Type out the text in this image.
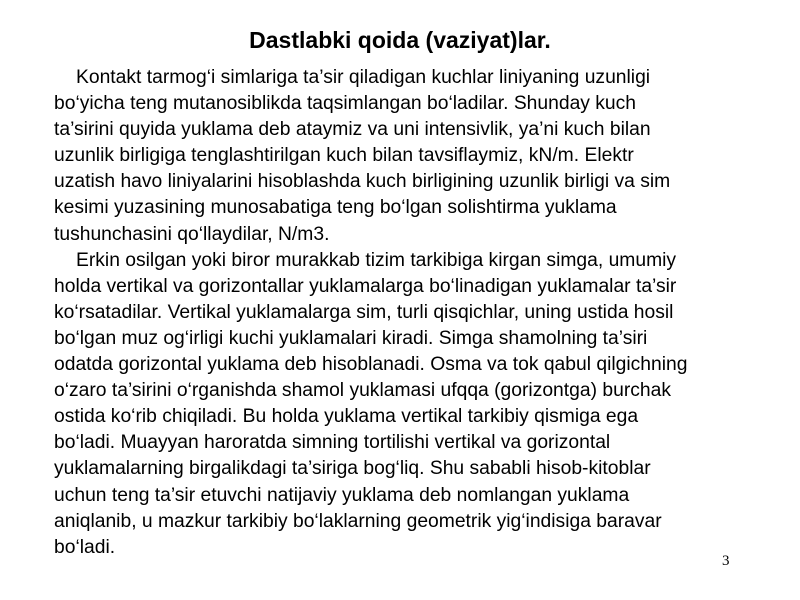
Dastlabki qoida (vaziyat)lar.

Kontakt tarmog‘i simlariga ta’sir qiladigan kuchlar liniyaning uzunligi
bo‘yicha teng mutanosiblikda taqsimlangan bo‘ladilar. Shunday kuch
ta’sirini quyida yuklama deb ataymiz va uni intensivlik, ya’ni kuch bilan
uzunlik birligiga tenglashtirilgan kuch bilan tavsiflaymiz, kN/m. Elektr
uzatish havo liniyalarini hisoblashda kuch birligining uzunlik birligi va sim
kesimi yuzasining munosabatiga teng bo‘lgan solishtirma yuklama
tushunchasini qo‘llaydilar, N/m3.

Erkin osilgan yoki biror murakkab tizim tarkibiga kirgan simga, umumiy
holda vertikal va gorizontallar yuklamalarga bo‘linadigan yuklamalar ta’sir
ko‘rsatadilar. Vertikal yuklamalarga sim, turli qisqichlar, uning ustida hosil
bo‘lgan muz og‘irligi kuchi yuklamalari kiradi. Simga shamolning ta’siri
odatda gorizontal yuklama deb hisoblanadi. Osma va tok qabul qilgichning
o‘zaro ta’sirini o‘rganishda shamol yuklamasi ufqqa (gorizontga) burchak
ostida ko‘rib chiqiladi. Bu holda yuklama vertikal tarkibiy qismiga ega
bo‘ladi. Muayyan haroratda simning tortilishi vertikal va gorizontal
yuklamalarning birgalikdagi ta’siriga bog‘liq. Shu sababli hisob-kitoblar
uchun teng ta’sir etuvchi natijaviy yuklama deb nomlangan yuklama
aniqlanib, u mazkur tarkibiy bo‘laklarning geometrik yig‘indisiga baravar
bo‘ladi.

3
